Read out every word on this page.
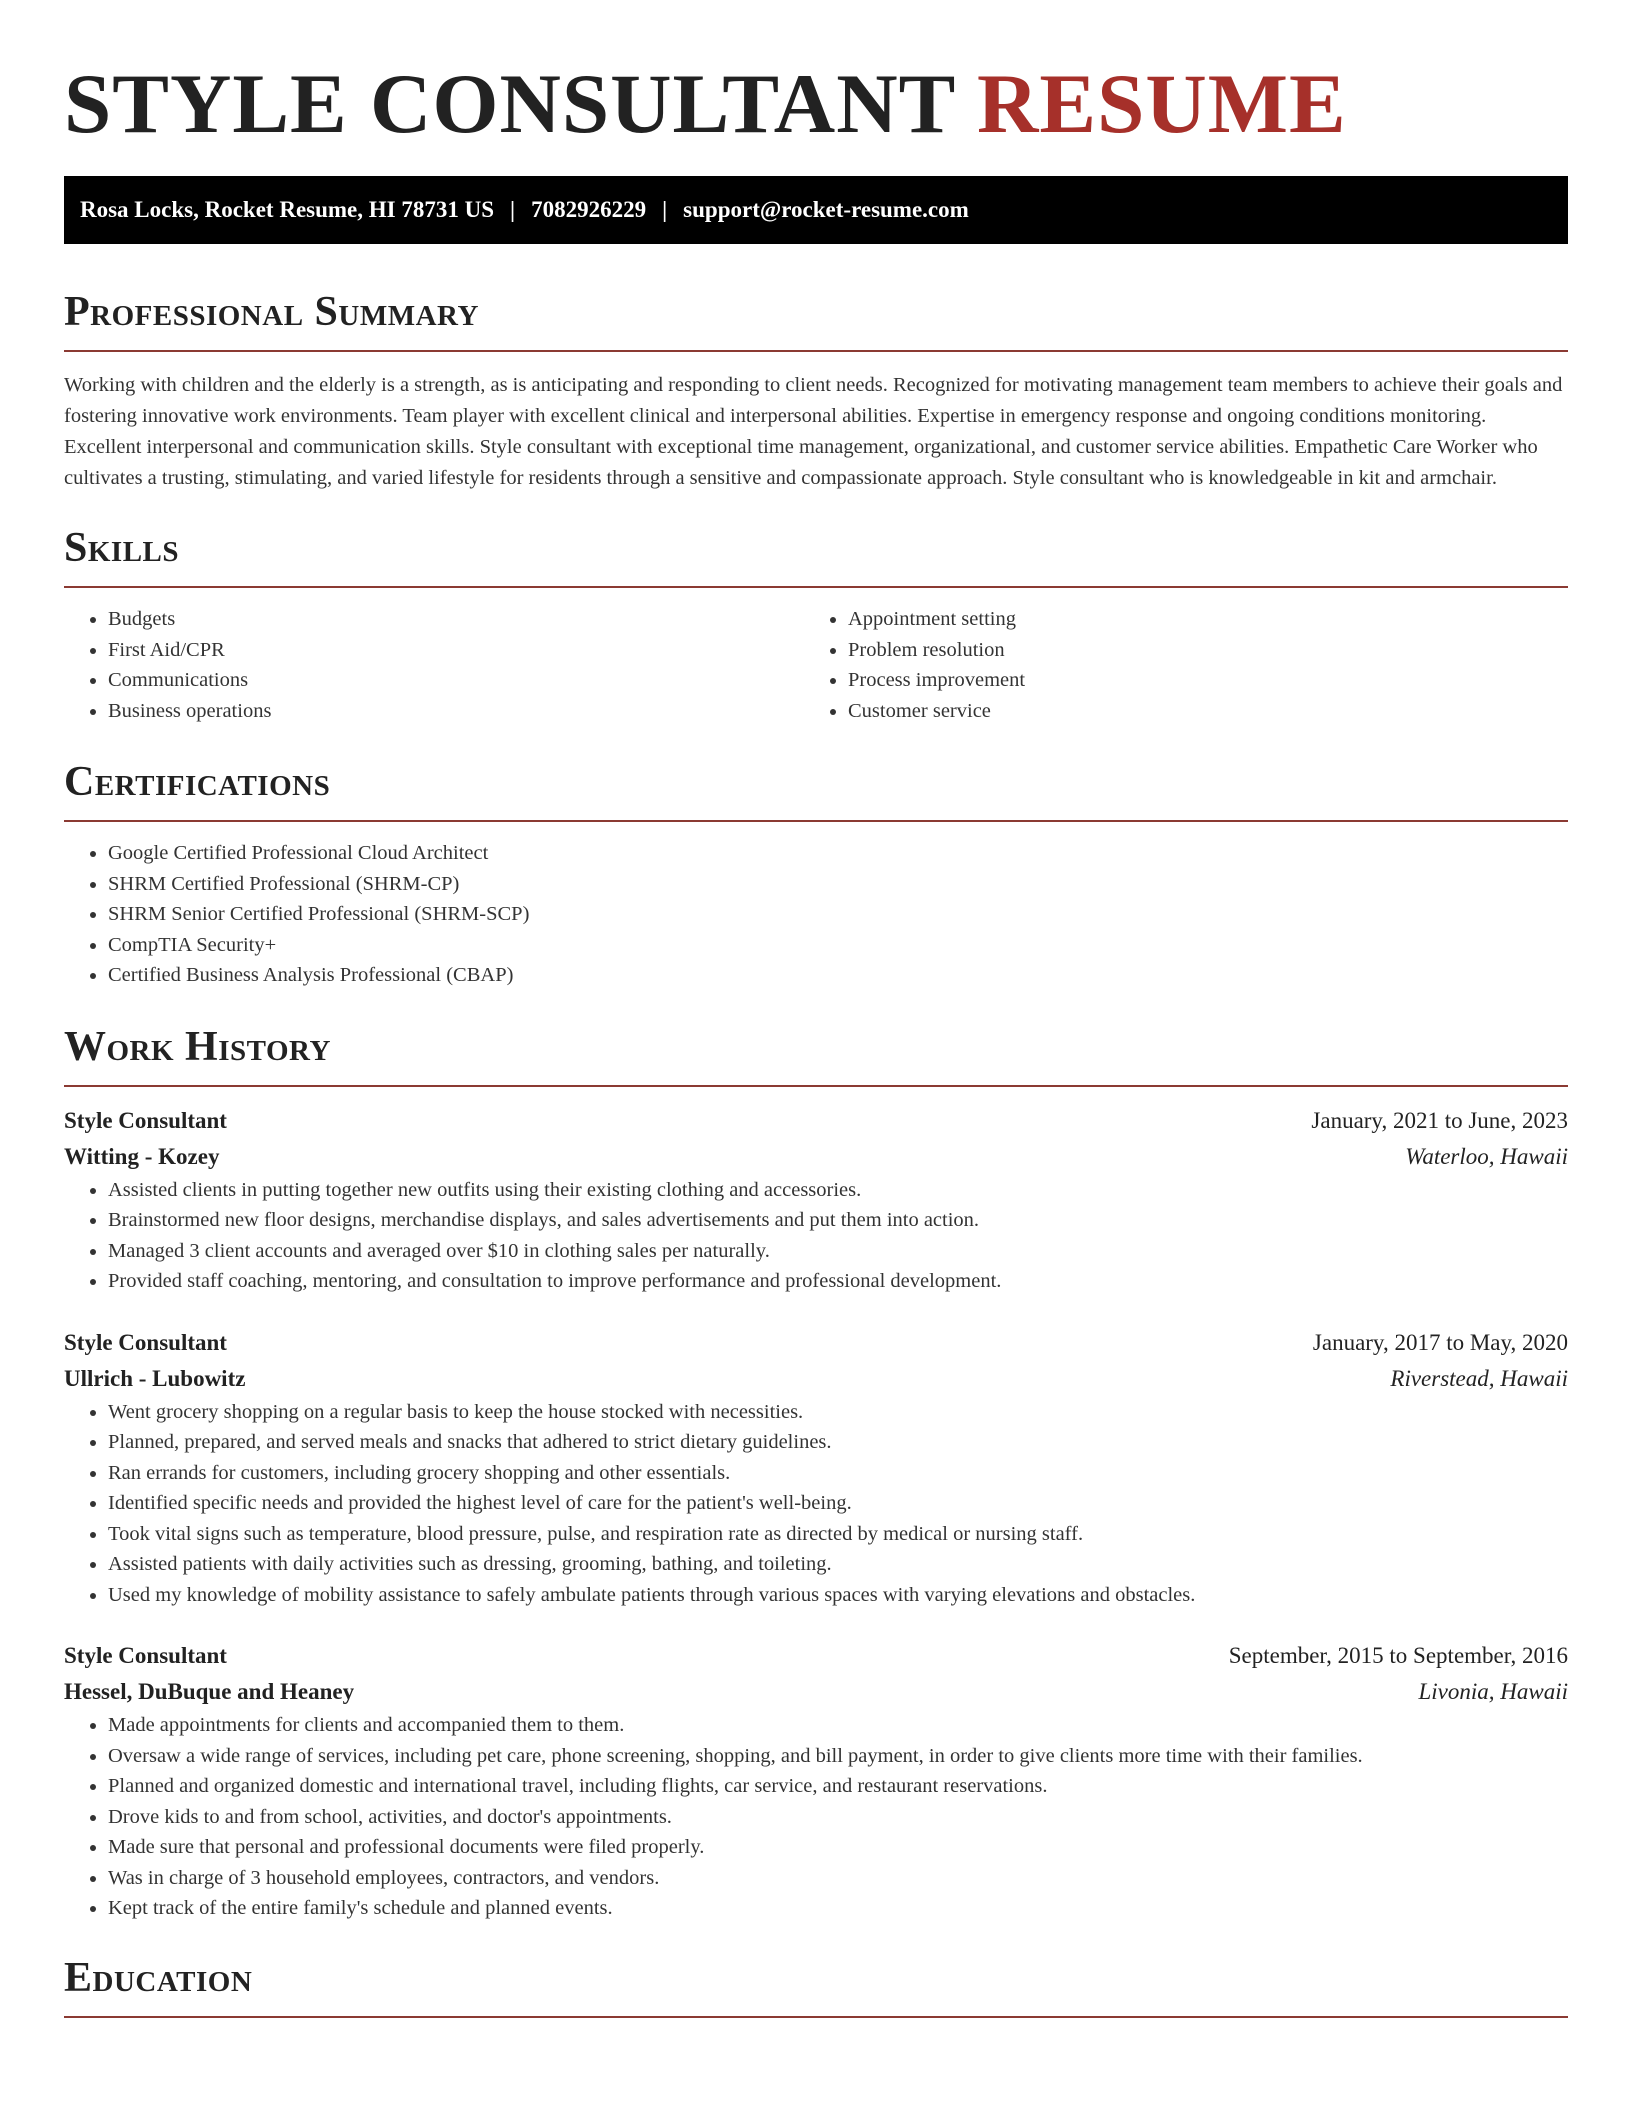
STYLE CONSULTANT RESUME
Rosa Locks, Rocket Resume, HI 78731 US | 7082926229 | support@rocket-resume.com
Professional Summary

Working with children and the elderly is a strength, as is anticipating and responding to client needs. Recognized for motivating management team members to achieve their goals and fostering innovative work environments. Team player with excellent clinical and interpersonal abilities. Expertise in emergency response and ongoing conditions monitoring. Excellent interpersonal and communication skills. Style consultant with exceptional time management, organizational, and customer service abilities. Empathetic Care Worker who cultivates a trusting, stimulating, and varied lifestyle for residents through a sensitive and compassionate approach. Style consultant who is knowledgeable in kit and armchair.

Skills
• Budgets
• First Aid/CPR
• Communications
• Business operations
• Appointment setting
• Problem resolution
• Process improvement
• Customer service
Certifications
• Google Certified Professional Cloud Architect
• SHRM Certified Professional (SHRM-CP)
• SHRM Senior Certified Professional (SHRM-SCP)
• CompTIA Security+
• Certified Business Analysis Professional (CBAP)
Work History
Style Consultant	January, 2021 to June, 2023
Witting - Kozey	Waterloo, Hawaii
• Assisted clients in putting together new outfits using their existing clothing and accessories.
• Brainstormed new floor designs, merchandise displays, and sales advertisements and put them into action.
• Managed 3 client accounts and averaged over $10 in clothing sales per naturally.
• Provided staff coaching, mentoring, and consultation to improve performance and professional development.
Style Consultant	January, 2017 to May, 2020
Ullrich - Lubowitz	Riverstead, Hawaii
• Went grocery shopping on a regular basis to keep the house stocked with necessities.
• Planned, prepared, and served meals and snacks that adhered to strict dietary guidelines.
• Ran errands for customers, including grocery shopping and other essentials.
• Identified specific needs and provided the highest level of care for the patient's well-being.
• Took vital signs such as temperature, blood pressure, pulse, and respiration rate as directed by medical or nursing staff.
• Assisted patients with daily activities such as dressing, grooming, bathing, and toileting.
• Used my knowledge of mobility assistance to safely ambulate patients through various spaces with varying elevations and obstacles.
Style Consultant	September, 2015 to September, 2016
Hessel, DuBuque and Heaney	Livonia, Hawaii
• Made appointments for clients and accompanied them to them.
• Oversaw a wide range of services, including pet care, phone screening, shopping, and bill payment, in order to give clients more time with their families.
• Planned and organized domestic and international travel, including flights, car service, and restaurant reservations.
• Drove kids to and from school, activities, and doctor's appointments.
• Made sure that personal and professional documents were filed properly.
• Was in charge of 3 household employees, contractors, and vendors.
• Kept track of the entire family's schedule and planned events.
Education
